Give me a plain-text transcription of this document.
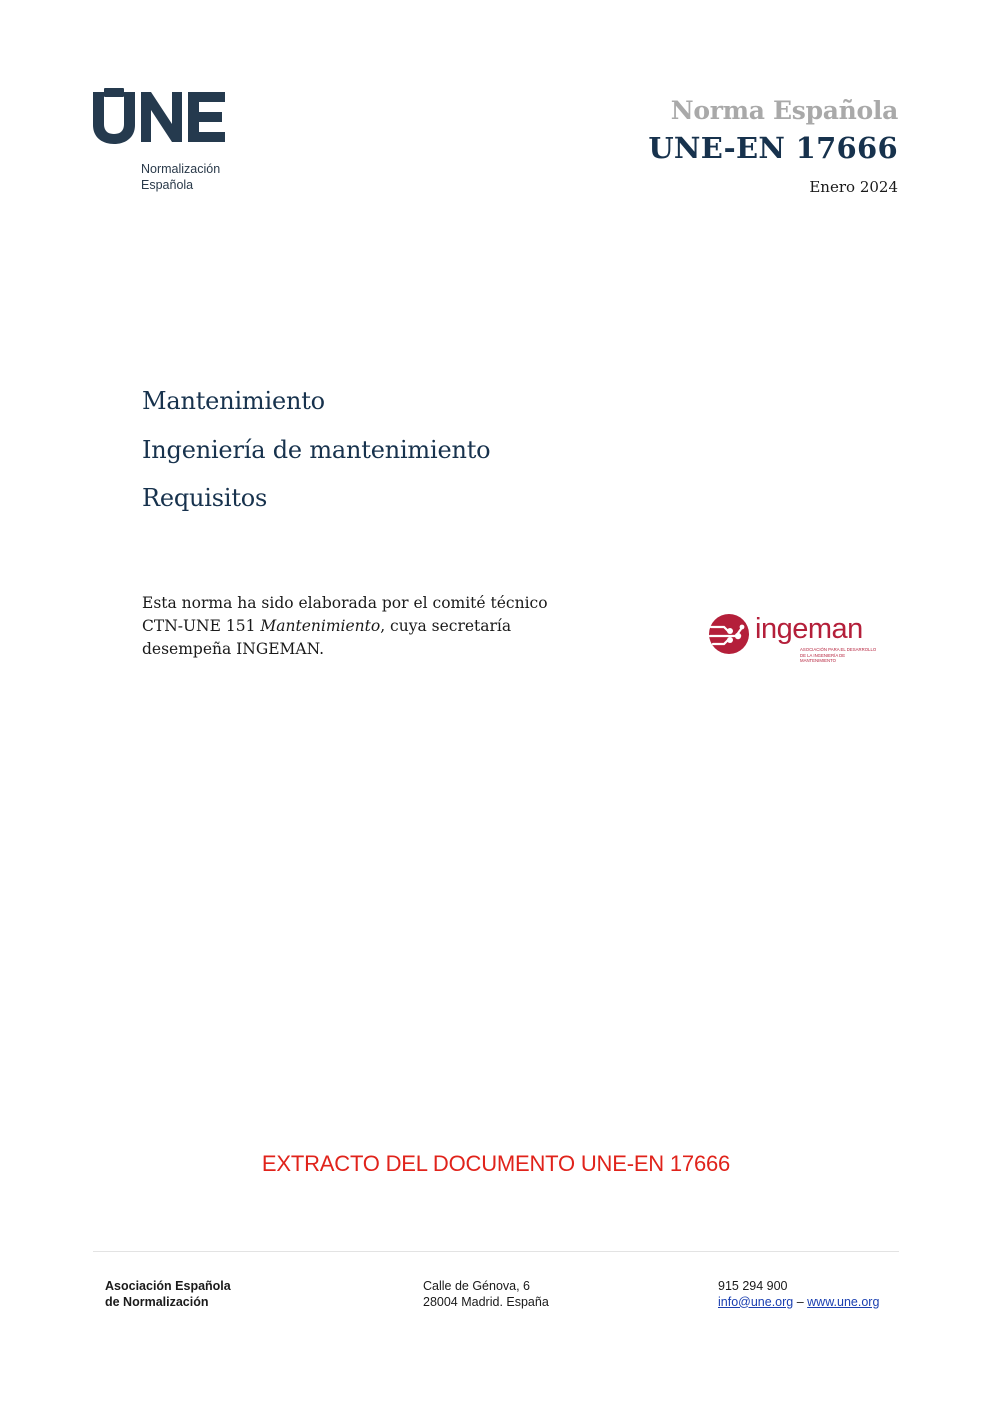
Normalización
Española
Norma Española
UNE-EN 17666
Enero 2024
Mantenimiento
Ingeniería de mantenimiento
Requisitos
Esta norma ha sido elaborada por el comité técnico
CTN-UNE 151 Mantenimiento, cuya secretaría
desempeña INGEMAN.
ingeman
ASOCIACIÓN PARA EL DESARROLLO
DE LA INGENIERÍA DE MANTENIMIENTO
EXTRACTO DEL DOCUMENTO UNE-EN 17666
Asociación Española
de Normalización
Calle de Génova, 6
28004 Madrid. España
915 294 900
info@une.org – www.une.org
